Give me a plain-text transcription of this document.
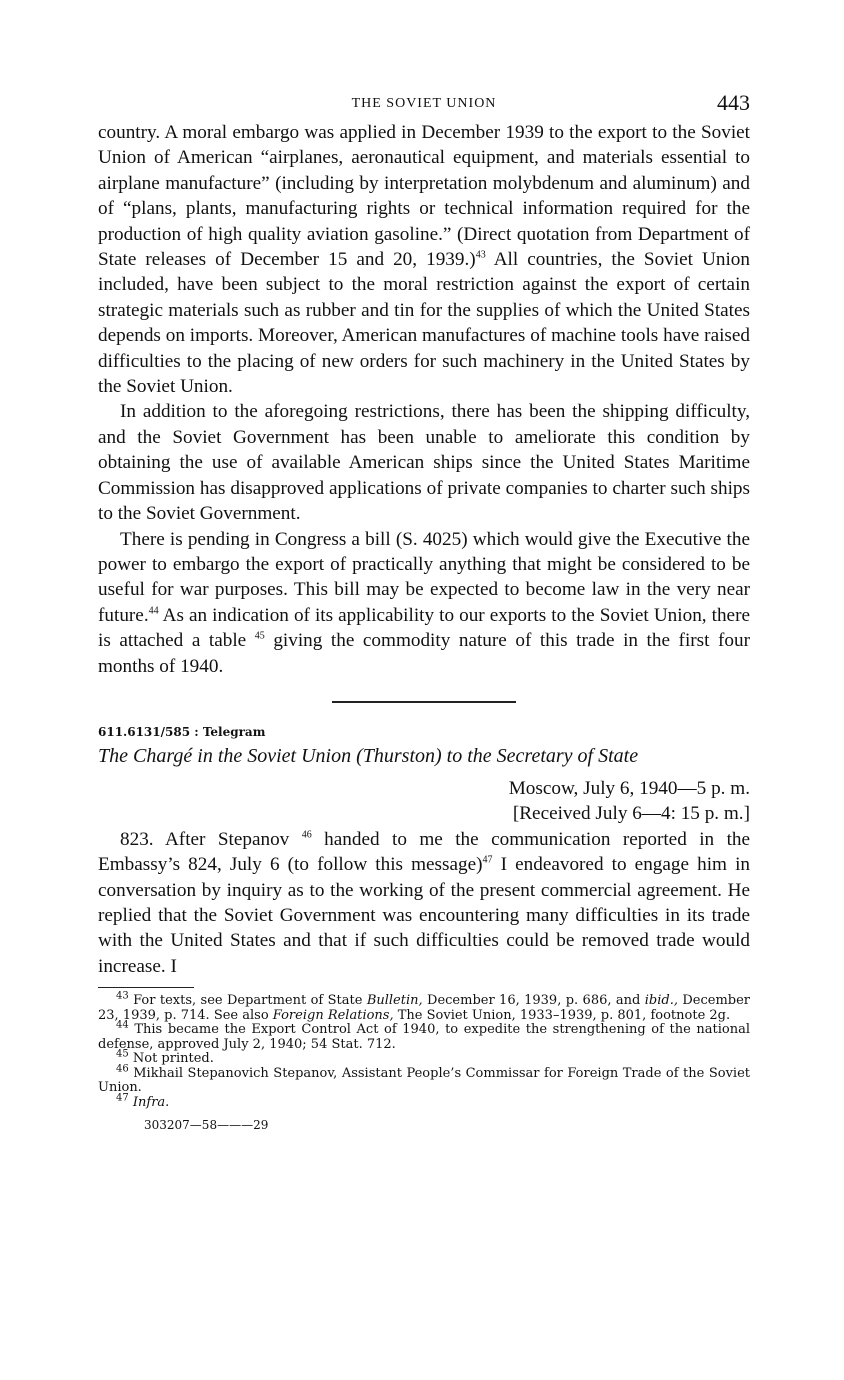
THE SOVIET UNION	443

country. A moral embargo was applied in December 1939 to the export to the Soviet Union of American “airplanes, aeronautical equipment, and materials essential to airplane manufacture” (including by interpretation molybdenum and aluminum) and of “plans, plants, manufacturing rights or technical information required for the production of high quality aviation gasoline.” (Direct quotation from Department of State releases of December 15 and 20, 1939.)$^{43}$ All countries, the Soviet Union included, have been subject to the moral restriction against the export of certain strategic materials such as rubber and tin for the supplies of which the United States depends on imports. Moreover, American manufactures of machine tools have raised difficulties to the placing of new orders for such machinery in the United States by the Soviet Union.

In addition to the aforegoing restrictions, there has been the shipping difficulty, and the Soviet Government has been unable to ameliorate this condition by obtaining the use of available American ships since the United States Maritime Commission has disapproved applications of private companies to charter such ships to the Soviet Government.

There is pending in Congress a bill (S. 4025) which would give the Executive the power to embargo the export of practically anything that might be considered to be useful for war purposes. This bill may be expected to become law in the very near future.$^{44}$ As an indication of its applicability to our exports to the Soviet Union, there is attached a table $^{45}$ giving the commodity nature of this trade in the first four months of 1940.

611.6131/585 : Telegram
The Chargé in the Soviet Union (Thurston) to the Secretary of State
Moscow, July 6, 1940—5 p. m.
[Received July 6—4: 15 p. m.]

823. After Stepanov $^{46}$ handed to me the communication reported in the Embassy’s 824, July 6 (to follow this message)$^{47}$ I endeavored to engage him in conversation by inquiry as to the working of the present commercial agreement. He replied that the Soviet Government was encountering many difficulties in its trade with the United States and that if such difficulties could be removed trade would increase. I

$^{43}$ For texts, see Department of State Bulletin, December 16, 1939, p. 686, and ibid., December 23, 1939, p. 714. See also Foreign Relations, The Soviet Union, 1933–1939, p. 801, footnote 2g.

$^{44}$ This became the Export Control Act of 1940, to expedite the strengthening of the national defense, approved July 2, 1940; 54 Stat. 712.

$^{45}$ Not printed.

$^{46}$ Mikhail Stepanovich Stepanov, Assistant People’s Commissar for Foreign Trade of the Soviet Union.

$^{47}$ Infra.

303207—58———29
